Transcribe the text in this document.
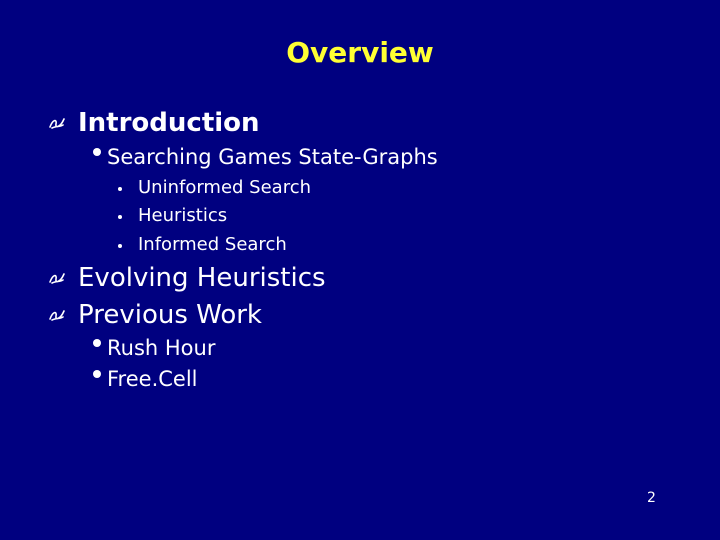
Overview
Introduction
Searching Games State-Graphs
Uninformed Search
Heuristics
Informed Search
Evolving Heuristics
Previous Work
Rush Hour
Free.Cell
2
